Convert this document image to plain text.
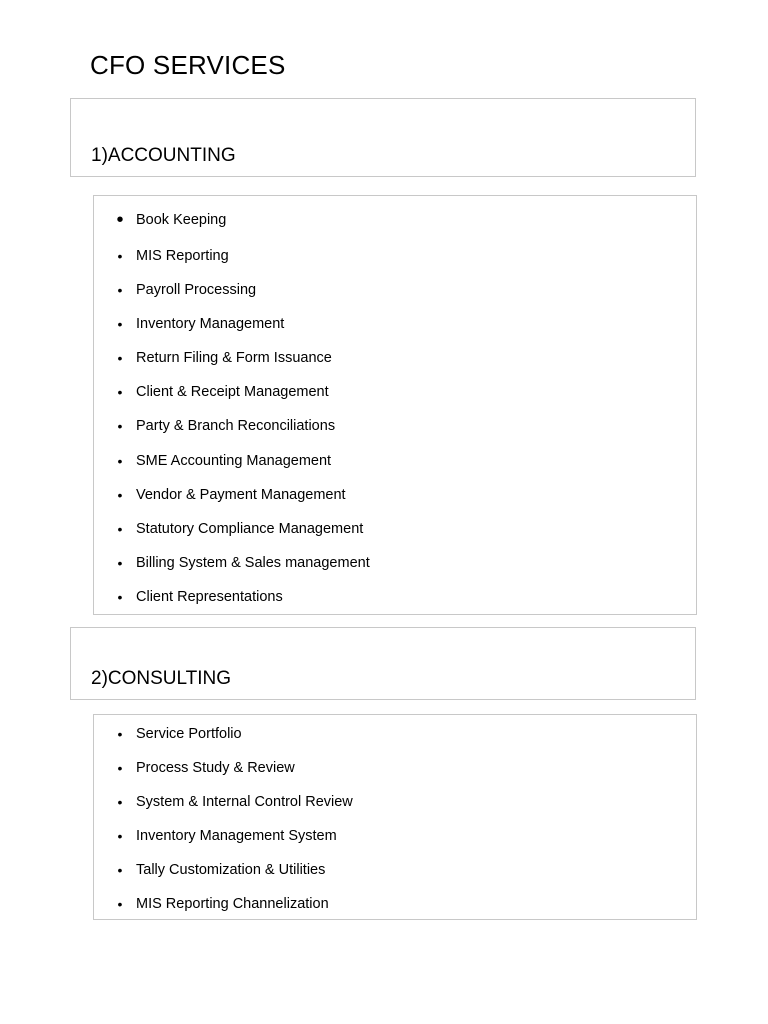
CFO SERVICES
1)ACCOUNTING
• Book Keeping
• MIS Reporting
• Payroll Processing
• Inventory Management
• Return Filing & Form Issuance
• Client & Receipt Management
• Party & Branch Reconciliations
• SME Accounting Management
• Vendor & Payment Management
• Statutory Compliance Management
• Billing System & Sales management
• Client Representations
2)CONSULTING
• Service Portfolio
• Process Study & Review
• System & Internal Control Review
• Inventory Management System
• Tally Customization & Utilities
• MIS Reporting Channelization
